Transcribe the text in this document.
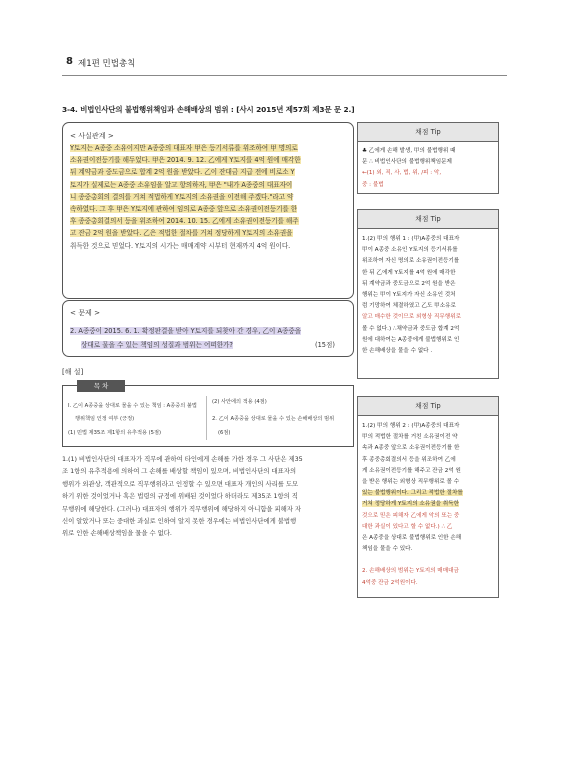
8 제1편 민법총칙
3-4. 비법인사단의 불법행위책임과 손해배상의 범위 : [사시 2015년 제57회 제3문 문 2.]
< 사실관계 >
Y토지는 A종중 소유이지만 A종중의 대표자 甲은 등기서류를 위조하여 甲 명의로
소유권이전등기를 해두었다. 甲은 2014. 9. 12. 乙에게 Y토지를 4억 원에 매각한
뒤 계약금과 중도금으로 합계 2억 원을 받았다. 乙이 잔대금 지급 전에 비로소 Y
토지가 실제로는 A종중 소유임을 알고 항의하자, 甲은 "내가 A종중의 대표자이
니 종중총회의 결의를 거쳐 적법하게 Y토지의 소유권을 이전해 주겠다."라고 약
속하였다. 그 후 甲은 Y토지에 관하여 임의로 A종중 앞으로 소유권이전등기를 한
후 종중총회결의서 등을 위조하여 2014. 10. 15. 乙에게 소유권이전등기를 해주
고 잔금 2억 원을 받았다. 乙은 적법한 절차를 거쳐 정당하게 Y토지의 소유권을
취득한 것으로 믿었다. Y토지의 시가는 매매계약 시부터 현재까지 4억 원이다.
< 문제 >
2. A종중이 2015. 6. 1. 확정판결을 받아 Y토지를 되찾아 간 경우, 乙이 A종중을
상대로 물을 수 있는 책임의 성질과 범위는 어떠한가?	(15점)
[해 설]
목 차
Ⅰ. 乙이 A종중을 상대로 물을 수 있는 책임 : A종중의 불법
행위책임 인정 여부 (긍정)
(1) 민법 제35조 제1항의 유추적용 (5점)
(2) 사안에의 적용 (4점)
2. 乙이 A종중을 상대로 물을 수 있는 손해배상의 범위
(6점)
1.(1) 비법인사단의 대표자가 직무에 관하여 타인에게 손해를 가한 경우 그 사단은 제35
조 1항의 유추적용에 의하여 그 손해를 배상할 책임이 있으며, 비법인사단의 대표자의
행위가 외관상, 객관적으로 직무행위라고 인정할 수 있으면 대표자 개인의 사리를 도모
하기 위한 것이었거나 혹은 법령의 규정에 위배된 것이었다 하더라도 제35조 1항의 직
무행위에 해당한다. (그러나) 대표자의 행위가 직무행위에 해당하지 아니함을 피해자 자
신이 알았거나 또는 중대한 과실로 인하여 알지 못한 경우에는 비법인사단에게 불법행
위로 인한 손해배상책임을 물을 수 없다.
채점 Tip
♣ 乙에게 손해 발생, 甲의 불법행위 때
문 ∴ 비법인사단의 불법행위책임문제
←(1) 외, 직, 사, 법, 위, /피 : 악,
중 : 불법
채점 Tip
1.(2) 甲의 행위 1 : (甲)A종중의 대표자
甲이 A종중 소유인 Y토지의 등기서류를
위조하여 자신 명의로 소유권이전등기를
한 뒤 乙에게 Y토지를 4억 원에 매각한
뒤 계약금과 중도금으로 2억 원을 받은
행위는 甲이 Y토지가 자신 소유인 것처
럼 기망하여 체결하였고 乙도 甲소유로
알고 매수한 것이므로 외형상 직무행위로
볼 수 없다.) ∴채약금과 중도금 합계 2억
원에 대하여는 A종중에게 불법행위로 인
한 손해배상을 물을 수 없다 .
채점 Tip
1.(2) 甲의 행위 2 : (甲)A종중의 대표자
甲의 적법한 절차를 거친 소유권이전 약
속과 A종중 앞으로 소유권이전등기를 한
후 종중총회결의서 등을 위조하여 乙에
게 소유권이전등기를 해주고 잔금 2억 원
을 받은 행위는 외형상 직무행위로 볼 수
있는 불법행위이다. 그리고 적법한 절차를
거쳐 정당하게 Y토지의 소유권을 취득한
것으로 믿은 피해자 乙에게 악의 또는 중
대한 과실이 있다고 할 수 없다.) ∴ 乙
은 A종중을 상대로 불법행위로 인한 손해
책임을 물을 수 있다.
2. 손해배상의 범위는 Y토지의 매매대금
4억중 잔금 2억원이다.
